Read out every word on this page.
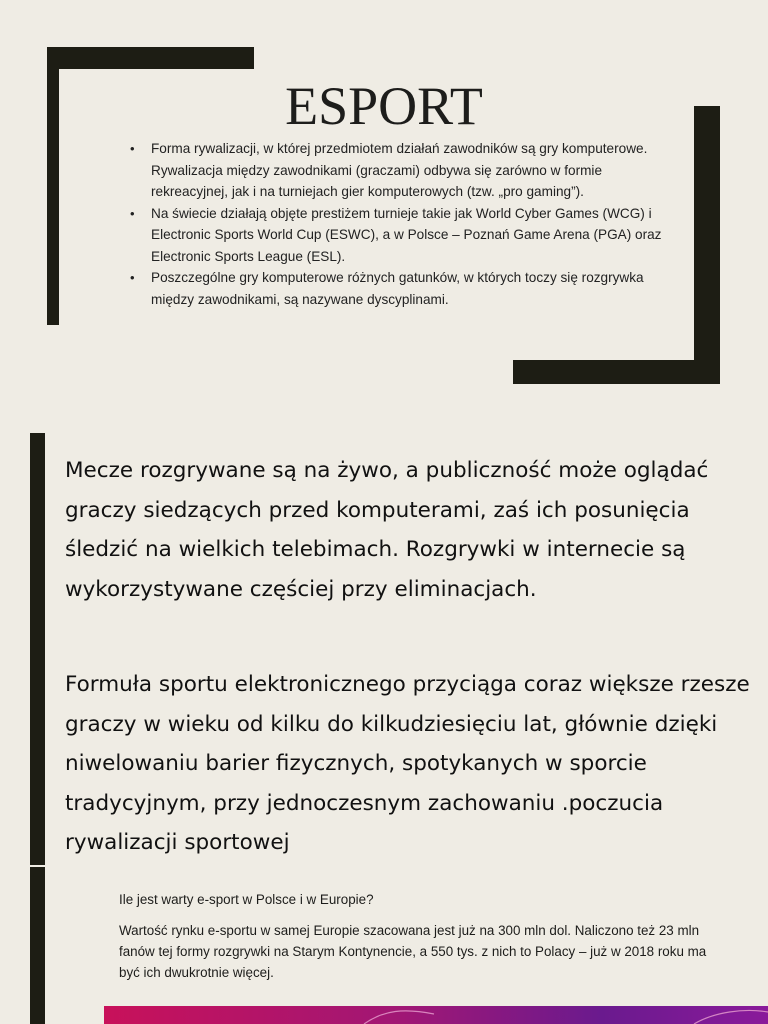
ESPORT
• Forma rywalizacji, w której przedmiotem działań zawodników są gry komputerowe. Rywalizacja między zawodnikami (graczami) odbywa się zarówno w formie rekreacyjnej, jak i na turniejach gier komputerowych (tzw. „pro gaming”).
• Na świecie działają objęte prestiżem turnieje takie jak World Cyber Games (WCG) i Electronic Sports World Cup (ESWC), a w Polsce – Poznań Game Arena (PGA) oraz Electronic Sports League (ESL).
• Poszczególne gry komputerowe różnych gatunków, w których toczy się rozgrywka między zawodnikami, są nazywane dyscyplinami.

Mecze rozgrywane są na żywo, a publiczność może oglądać graczy siedzących przed komputerami, zaś ich posunięcia śledzić na wielkich telebimach. Rozgrywki w internecie są wykorzystywane częściej przy eliminacjach.

Formuła sportu elektronicznego przyciąga coraz większe rzesze graczy w wieku od kilku do kilkudziesięciu lat, głównie dzięki niwelowaniu barier fizycznych, spotykanych w sporcie tradycyjnym, przy jednoczesnym zachowaniu .poczucia rywalizacji sportowej

Ile jest warty e-sport w Polsce i w Europie?

Wartość rynku e-sportu w samej Europie szacowana jest już na 300 mln dol. Naliczono też 23 mln fanów tej formy rozgrywki na Starym Kontynencie, a 550 tys. z nich to Polacy – już w 2018 roku ma być ich dwukrotnie więcej.
